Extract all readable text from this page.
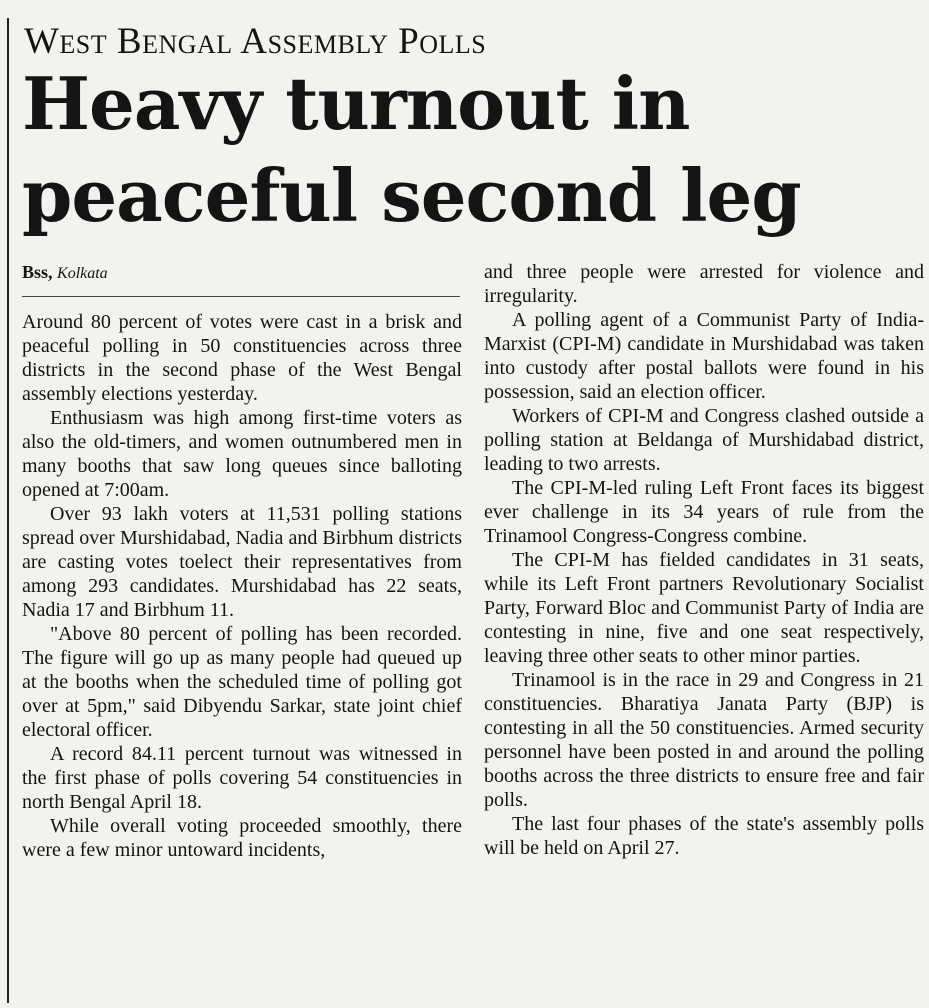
West Bengal Assembly Polls
Heavy turnout in peaceful second leg
Bss, Kolkata

Around 80 percent of votes were cast in a brisk and peaceful polling in 50 constituencies across three districts in the second phase of the West Bengal assembly elections yesterday.

Enthusiasm was high among first-time voters as also the old-timers, and women outnumbered men in many booths that saw long queues since balloting opened at 7:00am.

Over 93 lakh voters at 11,531 polling stations spread over Murshidabad, Nadia and Birbhum districts are casting votes toelect their representatives from among 293 candidates. Murshidabad has 22 seats, Nadia 17 and Birbhum 11.

"Above 80 percent of polling has been recorded. The figure will go up as many people had queued up at the booths when the scheduled time of polling got over at 5pm," said Dibyendu Sarkar, state joint chief electoral officer.

A record 84.11 percent turnout was witnessed in the first phase of polls covering 54 constituencies in north Bengal April 18.

While overall voting proceeded smoothly, there were a few minor untoward incidents,

and three people were arrested for violence and irregularity.

A polling agent of a Communist Party of India-Marxist (CPI-M) candidate in Murshidabad was taken into custody after postal ballots were found in his possession, said an election officer.

Workers of CPI-M and Congress clashed outside a polling station at Beldanga of Murshidabad district, leading to two arrests.

The CPI-M-led ruling Left Front faces its biggest ever challenge in its 34 years of rule from the Trinamool Congress-Congress combine.

The CPI-M has fielded candidates in 31 seats, while its Left Front partners Revolutionary Socialist Party, Forward Bloc and Communist Party of India are contesting in nine, five and one seat respectively, leaving three other seats to other minor parties.

Trinamool is in the race in 29 and Congress in 21 constituencies. Bharatiya Janata Party (BJP) is contesting in all the 50 constituencies. Armed security personnel have been posted in and around the polling booths across the three districts to ensure free and fair polls.

The last four phases of the state's assembly polls will be held on April 27.
